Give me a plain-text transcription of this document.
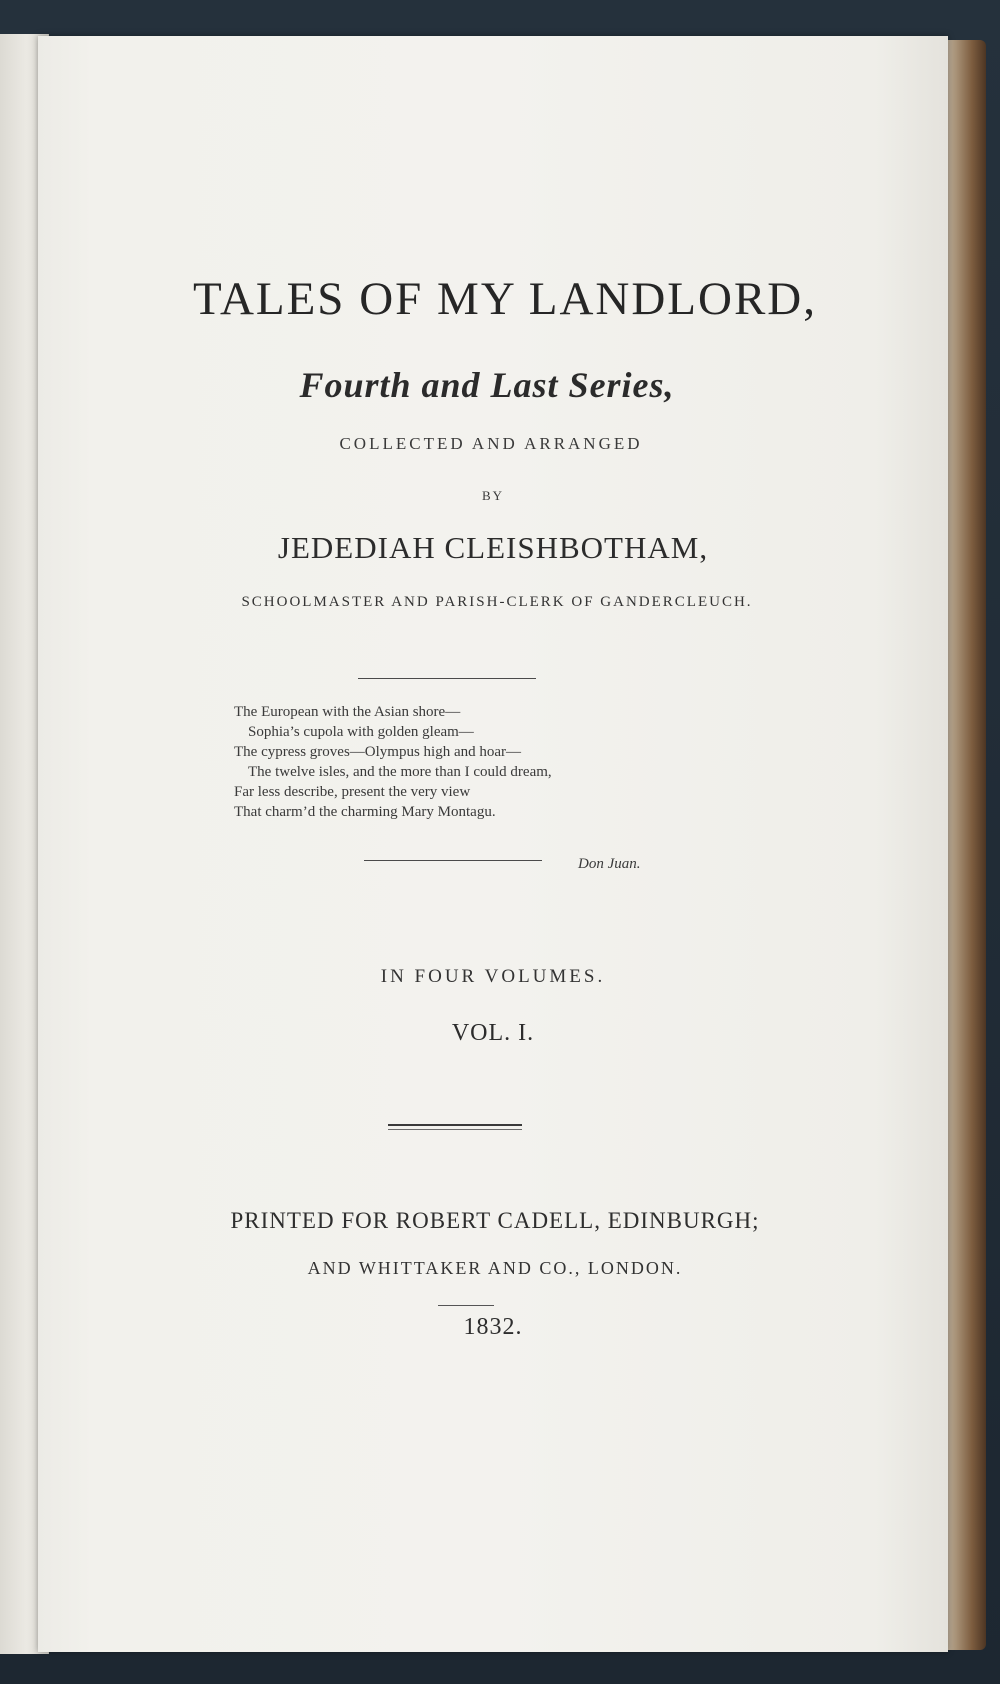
TALES OF MY LANDLORD,

Fourth and Last Series,

COLLECTED AND ARRANGED

BY

JEDEDIAH CLEISHBOTHAM,

SCHOOLMASTER AND PARISH-CLERK OF GANDERCLEUCH.

The European with the Asian shore—
Sophia’s cupola with golden gleam—
The cypress groves—Olympus high and hoar—
The twelve isles, and the more than I could dream,
Far less describe, present the very view
That charm’d the charming Mary Montagu.
Don Juan.

IN FOUR VOLUMES.

VOL. I.

PRINTED FOR ROBERT CADELL, EDINBURGH;

AND WHITTAKER AND CO., LONDON.

1832.
